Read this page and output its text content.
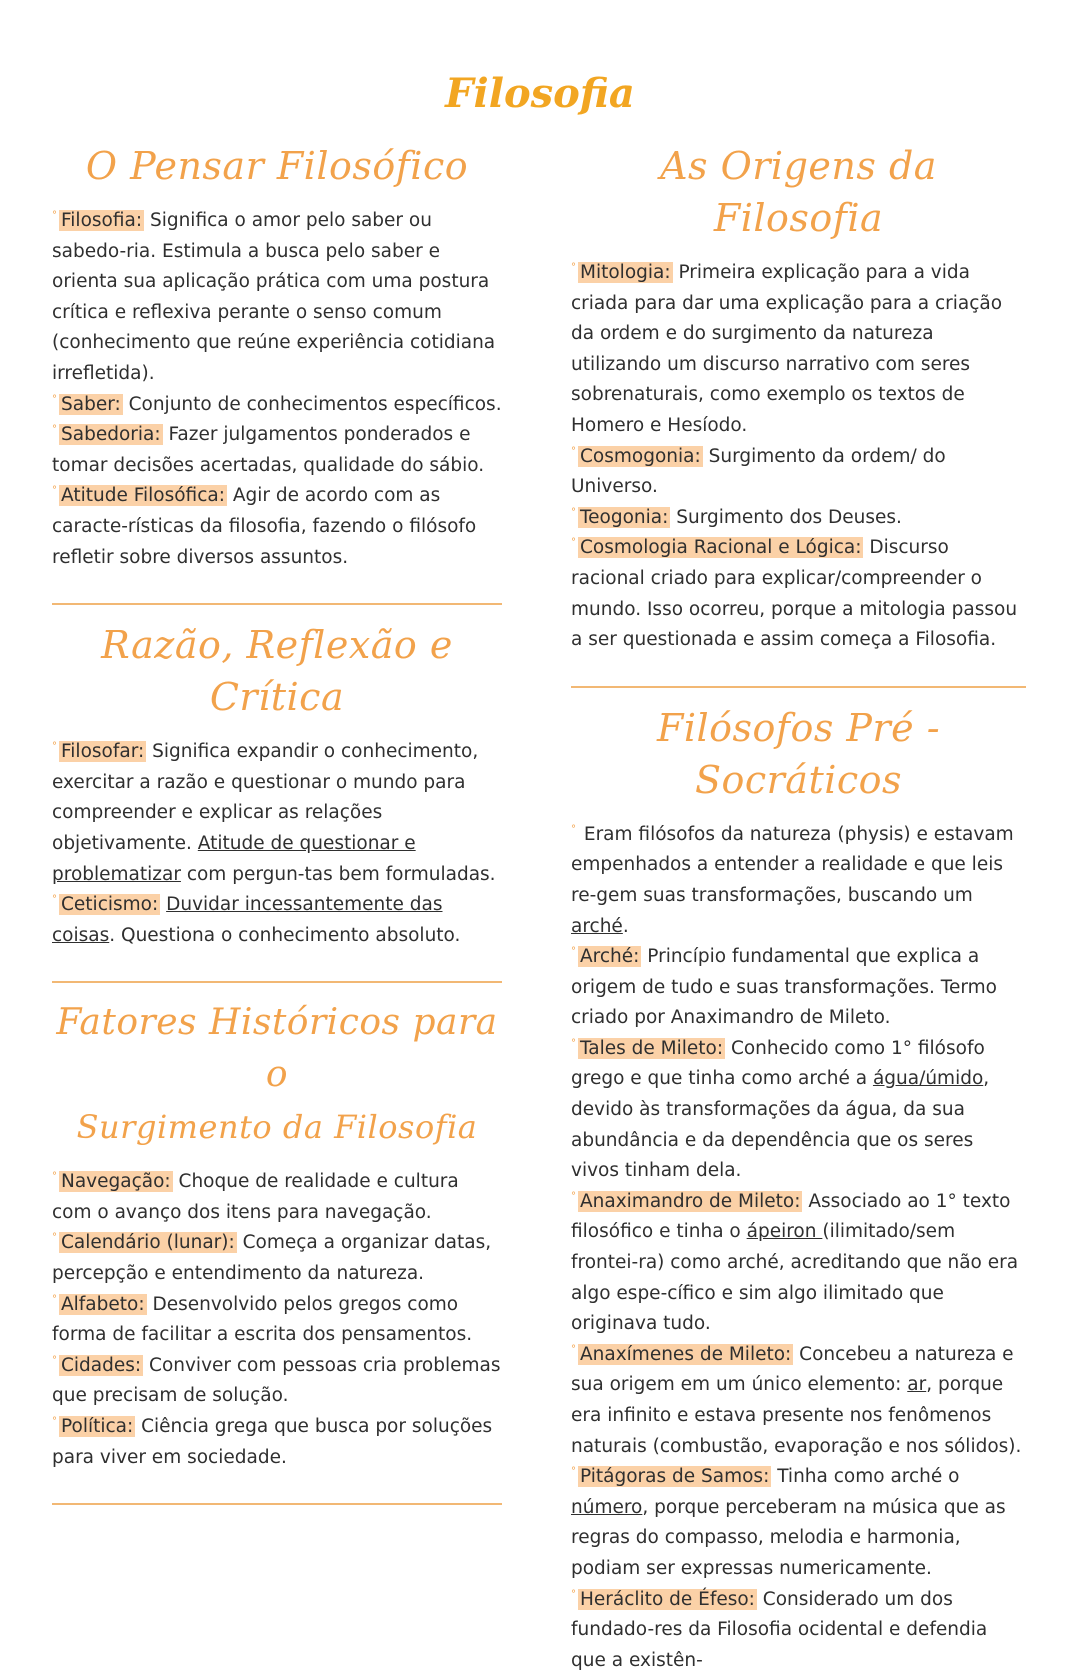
Filosofia
O Pensar Filosófico

° Filosofia: Significa o amor pelo saber ou sabedo-ria. Estimula a busca pelo saber e orienta sua aplicação prática com uma postura crítica e reflexiva perante o senso comum (conhecimento que reúne experiência cotidiana irrefletida).

° Saber: Conjunto de conhecimentos específicos.

° Sabedoria: Fazer julgamentos ponderados e tomar decisões acertadas, qualidade do sábio.

° Atitude Filosófica: Agir de acordo com as caracte-rísticas da filosofia, fazendo o filósofo refletir sobre diversos assuntos.

Razão, Reflexão e Crítica

° Filosofar: Significa expandir o conhecimento, exercitar a razão e questionar o mundo para compreender e explicar as relações objetivamente. Atitude de questionar e problematizar com pergun-tas bem formuladas.

° Ceticismo: Duvidar incessantemente das coisas. Questiona o conhecimento absoluto.

Fatores Históricos para o
Surgimento da Filosofia

° Navegação: Choque de realidade e cultura com o avanço dos itens para navegação.

° Calendário (lunar): Começa a organizar datas, percepção e entendimento da natureza.

° Alfabeto: Desenvolvido pelos gregos como forma de facilitar a escrita dos pensamentos.

° Cidades: Conviver com pessoas cria problemas que precisam de solução.

° Política: Ciência grega que busca por soluções para viver em sociedade.

As Origens da Filosofia

° Mitologia: Primeira explicação para a vida criada para dar uma explicação para a criação da ordem e do surgimento da natureza utilizando um discurso narrativo com seres sobrenaturais, como exemplo os textos de Homero e Hesíodo.

° Cosmogonia: Surgimento da ordem/ do Universo.

° Teogonia: Surgimento dos Deuses.

° Cosmologia Racional e Lógica: Discurso racional criado para explicar/compreender o mundo. Isso ocorreu, porque a mitologia passou a ser questionada e assim começa a Filosofia.

Filósofos Pré - Socráticos

° Eram filósofos da natureza (physis) e estavam empenhados a entender a realidade e que leis re-gem suas transformações, buscando um arché.

° Arché: Princípio fundamental que explica a origem de tudo e suas transformações. Termo criado por Anaximandro de Mileto.

° Tales de Mileto: Conhecido como 1° filósofo grego e que tinha como arché a água/úmido, devido às transformações da água, da sua abundância e da dependência que os seres vivos tinham dela.

° Anaximandro de Mileto: Associado ao 1° texto filosófico e tinha o ápeiron (ilimitado/sem frontei-ra) como arché, acreditando que não era algo espe-cífico e sim algo ilimitado que originava tudo.

° Anaxímenes de Mileto: Concebeu a natureza e sua origem em um único elemento: ar, porque era infinito e estava presente nos fenômenos naturais (combustão, evaporação e nos sólidos).

° Pitágoras de Samos: Tinha como arché o número, porque perceberam na música que as regras do compasso, melodia e harmonia, podiam ser expressas numericamente.

° Heráclito de Éfeso: Considerado um dos fundado-res da Filosofia ocidental e defendia que a existên-
